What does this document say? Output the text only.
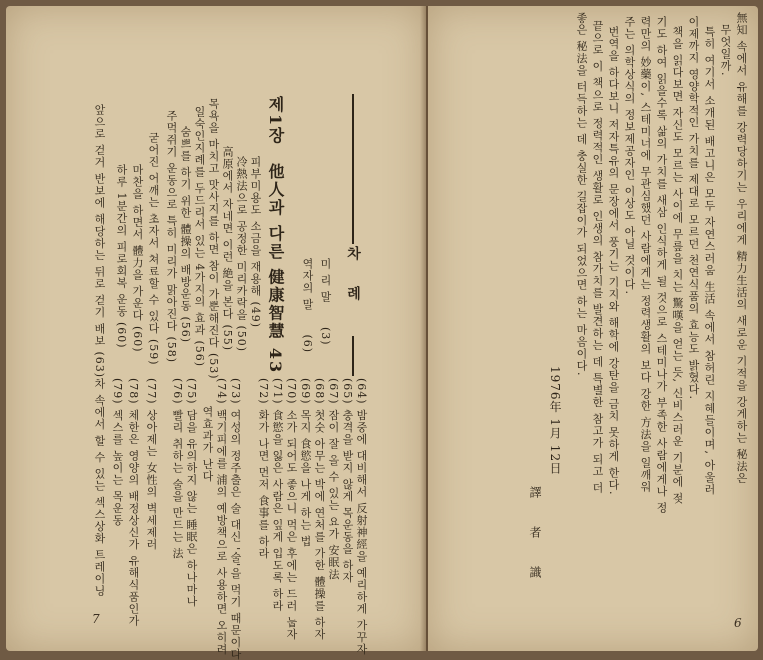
차　례
미 리 말　　(3)
역자의 말　　(6)
제1장　他人과 다른 健康智慧 43
피부미용도 소금을 재용해 (49)
冷熱法으로 공정한 미리카락을 (50)
高原에서 자네면 이런 絶을 본다 (55)
목욕을 마치고 맛사지를 하면 참이 가뿐해진다 (53)
일숙인지례를 두드리서 있는 4가지의 효과 (56)
숨쁘를 하기 위한 體操의 배방운동 (56)
주먹쥐기 운동으로 특히 미리가 맑아진다 (58)
굳어진 어깨는 초자서 쳐료할 수 있다 (59)
마찬을 하면서 體力을 가운다 (60)
하루 1분간의 피로회복 운동 (60)
앞으로 걷거 반보에 해당하는 뒤로 걷기 배보 (63)
(64) 밤중에 대비해서 反射神經을 예리하게 가꾸자
(65) 충격을 받지 않게 목운동을 하자
(67) 잠이 잘 올 수 있는 요가 安眠法
(68) 첫숫 아무는 박에 연처를 가한 體操를 하자
(69) 목지 食慾을 나게 하는 법
(70) 소가 되어도 좋으니 먹은 후에는 드러 눕자
(71) 食慾을 잃은 사람은 잎게 입도록 하라
(72) 화가 나면 먼저 食事를 하라
(73) 여성의 정주출은 술 대신 '술'을 먹기 때문이다
(74) 백기피에를 浦의 예방책으로 사용하면 오히려
역효과가 난다
(75) 담을 유의하지 않는 睡眠은 하나마나
(76) 빨리 취하는 술을 만드는 法
(77) 상아제는 女性의 벽세제러
(78) 체한은 영양의 배정상신가 유해식품인가
(79) 섹스를 높이는 목운동
차 속에서 할 수 있는 섹스상화 트레이닝
7
無知 속에서 유해를 강력당하기는 우리에게 精力生活의 새로운 기적을 강게하는 秘法은
무엇일까.
특히 여기서 소개된 배고니은 모두 자연스러움 生活 속에서 참허린 지혜들이며, 아울러
이제까지 영양학적인 가치를 제대로 모르던 천연식품의 효능도 밝혔다.
책을 읽다보면 자신도 모르는 사이에 무릎을 치는 驚嘆을 얻는 듯, 신비스러운 기분에 젖
기도 하여 읽을수록 삶의 가치를 새삼 인식하게 될 것으로 스테미나가 부족한 사람에게나 정
력만의 妙藥이, 스테미너에 무관심했던 사람에게는 정력생활의 보다 강한 方法을 일깨워
주는 의학상식의 정보제공자인 이상도 아닐 것이다.
번역을 하다보니 저자특유의 문장에서 풍기는 기지와 해학에 강탄을 금치 못하게 한다.
끝으로 이 책으로 정력적인 생활로 인생의 참가치를 발견하는 데 특별한 참고가 되고 더
좋은 秘法을 터득하는 데 충실한 길잡이가 되었으면 하는 마음이다.
1976年 1月 12日
譯　者　識
6
